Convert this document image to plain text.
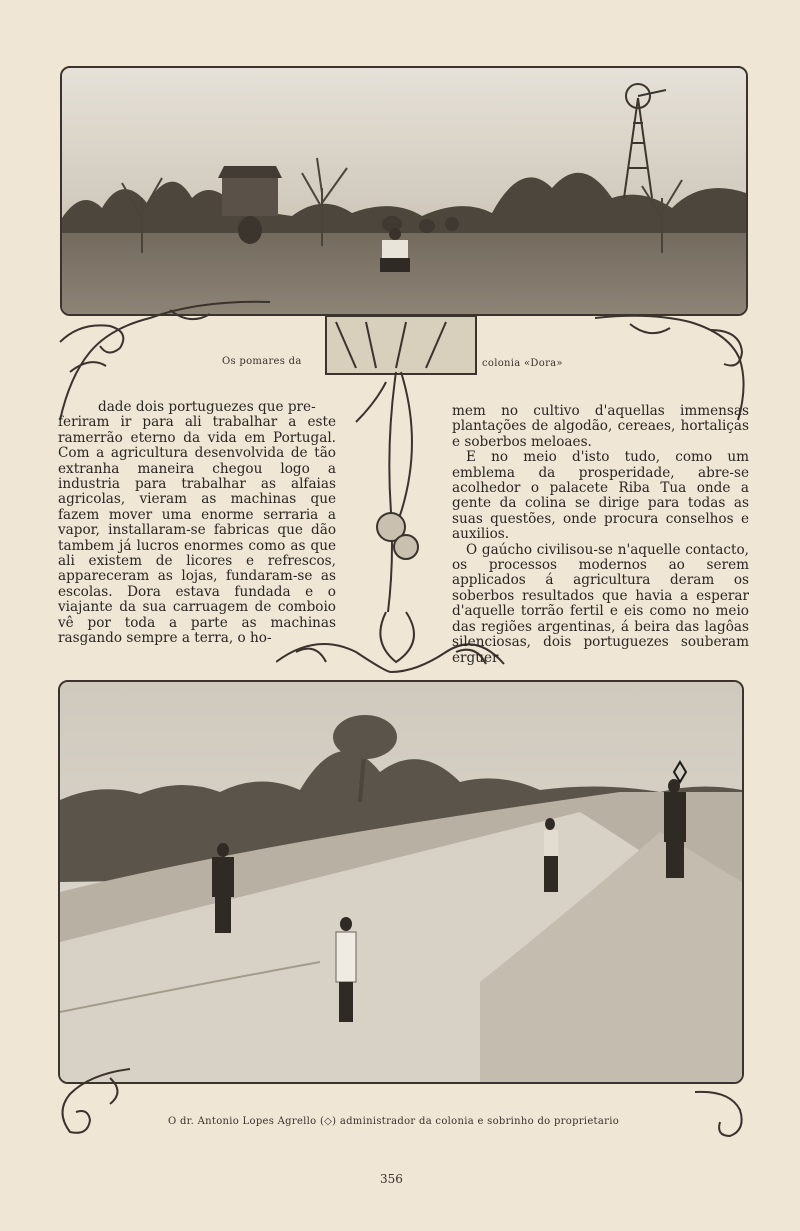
Os pomares da	colonia «Dora»

dade dois portuguezes que pre-

feriram ir para ali trabalhar a este ramerrão eterno da vida em Portugal. Com a agricultura desenvolvida de tão extranha maneira chegou logo a industria para trabalhar as alfaias agricolas, vieram as machinas que fazem mover uma enorme serraria a vapor, installaram-se fabricas que dão tambem já lucros enormes como as que ali existem de licores e refrescos, appareceram as lojas, fundaram-se as escolas. Dora estava fundada e o viajante da sua carruagem de comboio vê por toda a parte as machinas rasgando sempre a terra, o ho-

mem no cultivo d'aquellas immensas plantações de algodão, cereaes, hortaliças e soberbos meloaes.

E no meio d'isto tudo, como um emblema da prosperidade, abre-se acolhedor o palacete Riba Tua onde a gente da colina se dirige para todas as suas questões, onde procura conselhos e auxilios.

O gaúcho civilisou-se n'aquelle contacto, os processos modernos ao serem applicados á agricultura deram os soberbos resultados que havia a esperar d'aquelle torrão fertil e eis como no meio das regiões argentinas, á beira das lagôas silenciosas, dois portuguezes souberam erguer

O dr. Antonio Lopes Agrello (◇) administrador da colonia e sobrinho do proprietario
356
